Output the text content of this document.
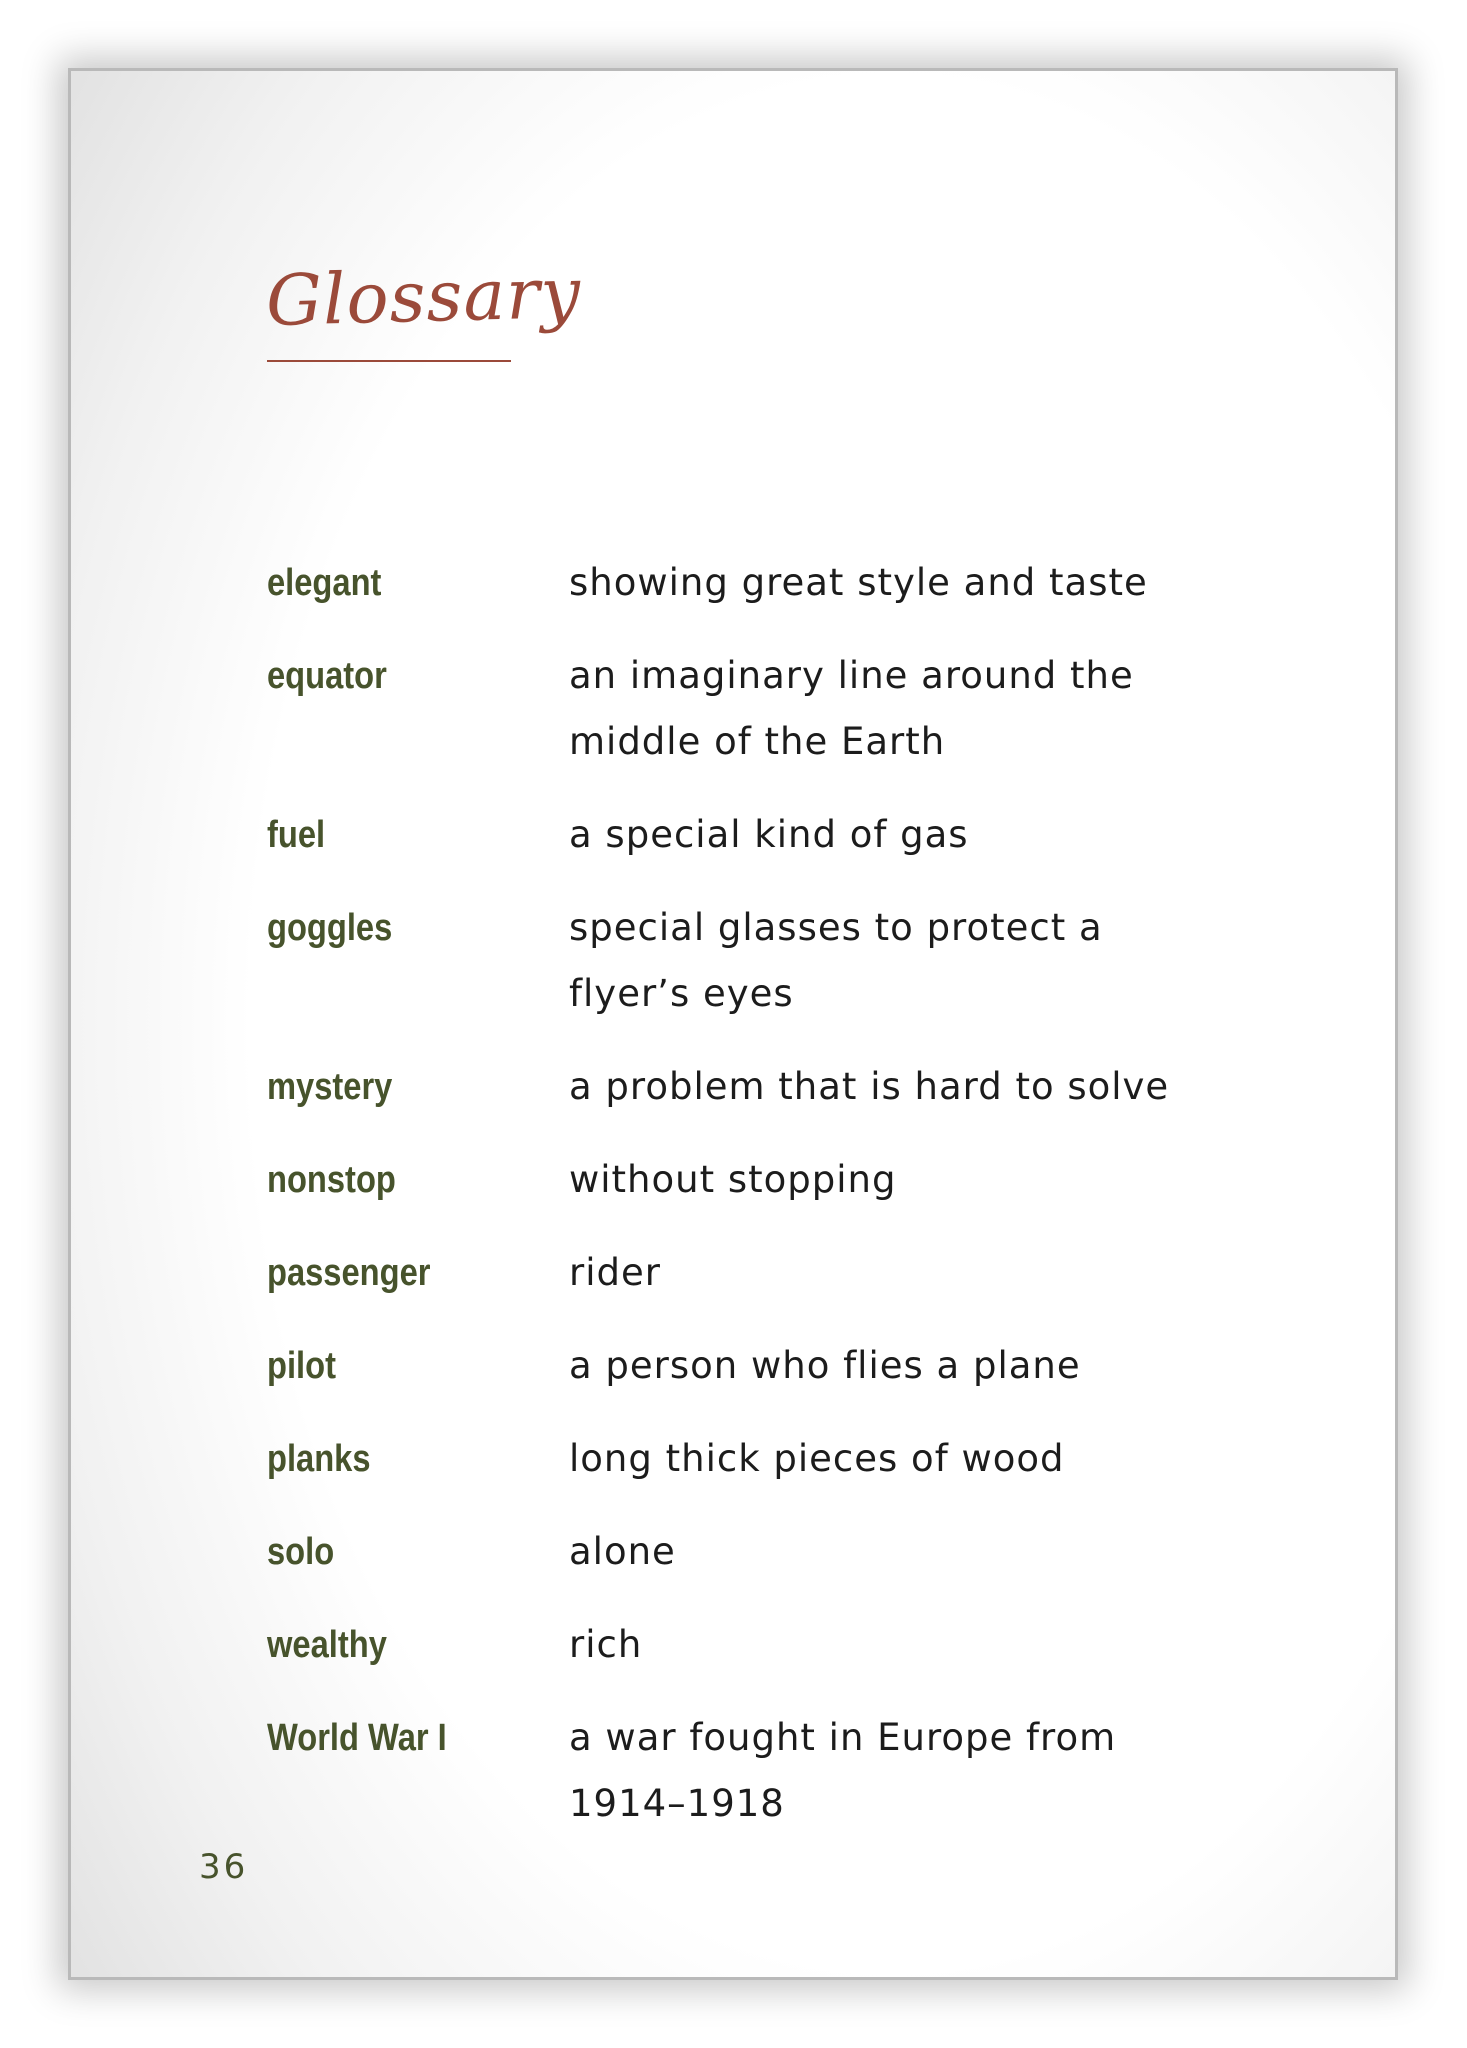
Glossary
elegant	showing great style and taste
equator	an imaginary line around the middle of the Earth
fuel	a special kind of gas
goggles	special glasses to protect a flyer’s eyes
mystery	a problem that is hard to solve
nonstop	without stopping
passenger	rider
pilot	a person who flies a plane
planks	long thick pieces of wood
solo	alone
wealthy	rich
World War I	a war fought in Europe from 1914–1918
36
